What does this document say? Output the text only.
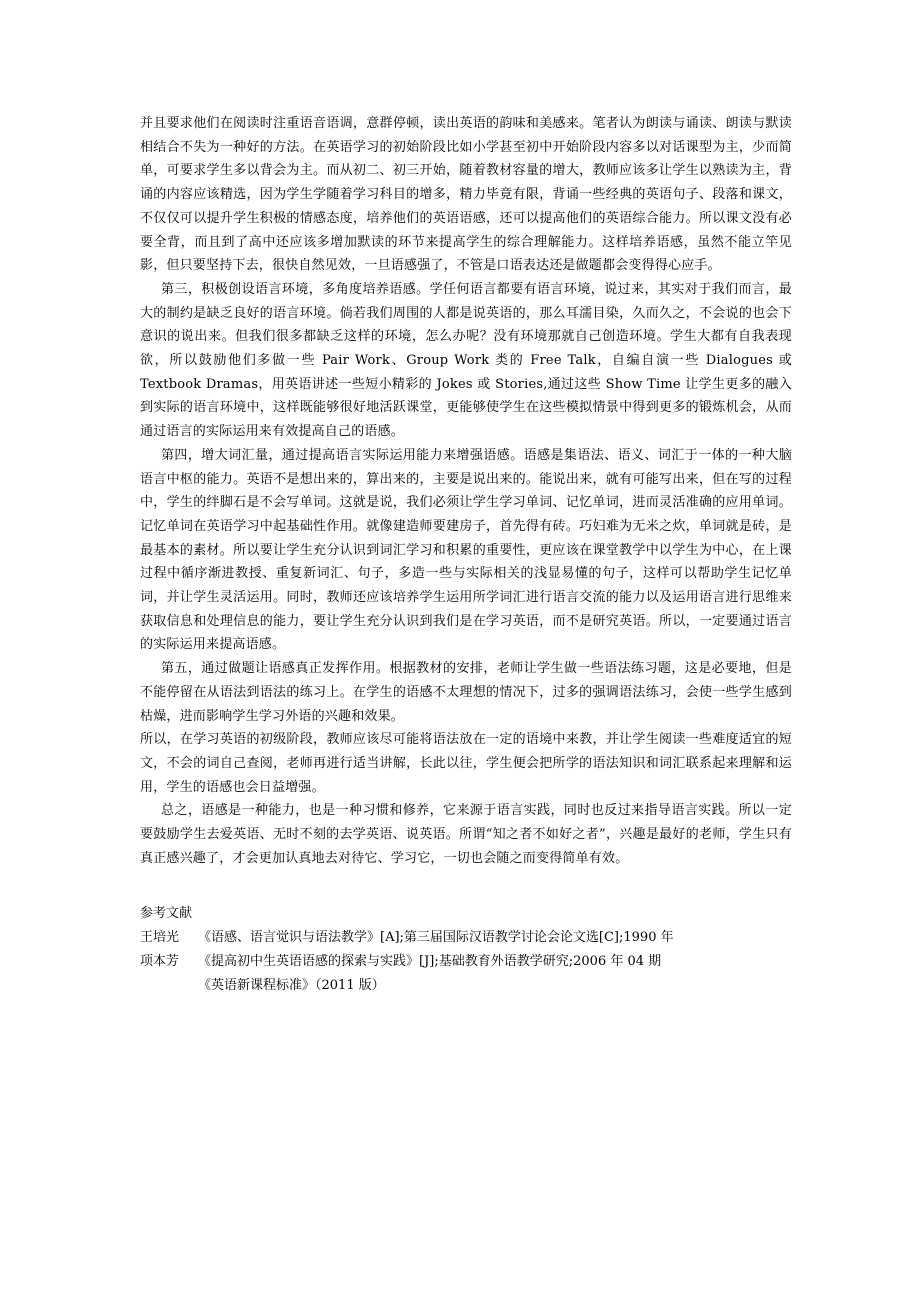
并且要求他们在阅读时注重语音语调，意群停顿，读出英语的韵味和美感来。笔者认为朗读与诵读、朗读与默读相结合不失为一种好的方法。在英语学习的初始阶段比如小学甚至初中开始阶段内容多以对话课型为主，少而简单，可要求学生多以背会为主。而从初二、初三开始，随着教材容量的增大，教师应该多让学生以熟读为主，背诵的内容应该精选，因为学生学随着学习科目的增多，精力毕竟有限，背诵一些经典的英语句子、段落和课文，不仅仅可以提升学生积极的情感态度，培养他们的英语语感，还可以提高他们的英语综合能力。所以课文没有必要全背，而且到了高中还应该多增加默读的环节来提高学生的综合理解能力。这样培养语感，虽然不能立竿见影，但只要坚持下去，很快自然见效，一旦语感强了，不管是口语表达还是做题都会变得得心应手。

第三，积极创设语言环境，多角度培养语感。学任何语言都要有语言环境，说过来，其实对于我们而言，最大的制约是缺乏良好的语言环境。倘若我们周围的人都是说英语的，那么耳濡目染，久而久之，不会说的也会下意识的说出来。但我们很多都缺乏这样的环境，怎么办呢？没有环境那就自己创造环境。学生大都有自我表现欲，所以鼓励他们多做一些 Pair Work、Group Work 类的 Free Talk，自编自演一些 Dialogues 或 Textbook Dramas，用英语讲述一些短小精彩的 Jokes 或 Stories,通过这些 Show Time 让学生更多的融入到实际的语言环境中，这样既能够很好地活跃课堂，更能够使学生在这些模拟情景中得到更多的锻炼机会，从而通过语言的实际运用来有效提高自己的语感。

第四，增大词汇量，通过提高语言实际运用能力来增强语感。语感是集语法、语义、词汇于一体的一种大脑语言中枢的能力。英语不是想出来的，算出来的，主要是说出来的。能说出来，就有可能写出来，但在写的过程中，学生的绊脚石是不会写单词。这就是说，我们必须让学生学习单词、记忆单词，进而灵活准确的应用单词。记忆单词在英语学习中起基础性作用。就像建造师要建房子，首先得有砖。巧妇难为无米之炊，单词就是砖，是最基本的素材。所以要让学生充分认识到词汇学习和积累的重要性，更应该在课堂教学中以学生为中心，在上课过程中循序渐进教授、重复新词汇、句子，多造一些与实际相关的浅显易懂的句子，这样可以帮助学生记忆单词，并让学生灵活运用。同时，教师还应该培养学生运用所学词汇进行语言交流的能力以及运用语言进行思维来获取信息和处理信息的能力，要让学生充分认识到我们是在学习英语，而不是研究英语。所以，一定要通过语言的实际运用来提高语感。

第五，通过做题让语感真正发挥作用。根据教材的安排，老师让学生做一些语法练习题，这是必要地，但是不能停留在从语法到语法的练习上。在学生的语感不太理想的情况下，过多的强调语法练习，会使一些学生感到枯燥，进而影响学生学习外语的兴趣和效果。

所以，在学习英语的初级阶段，教师应该尽可能将语法放在一定的语境中来教，并让学生阅读一些难度适宜的短文，不会的词自己查阅，老师再进行适当讲解，长此以往，学生便会把所学的语法知识和词汇联系起来理解和运用，学生的语感也会日益增强。

总之，语感是一种能力，也是一种习惯和修养，它来源于语言实践，同时也反过来指导语言实践。所以一定要鼓励学生去爱英语、无时不刻的去学英语、说英语。所谓“知之者不如好之者”，兴趣是最好的老师，学生只有真正感兴趣了，才会更加认真地去对待它、学习它，一切也会随之而变得简单有效。

参考文献
王培光 《语感、语言觉识与语法教学》[A];第三届国际汉语教学讨论会论文选[C];1990 年
项本芳 《提高初中生英语语感的探索与实践》[J];基础教育外语教学研究;2006 年 04 期
《英语新课程标准》（2011 版）
